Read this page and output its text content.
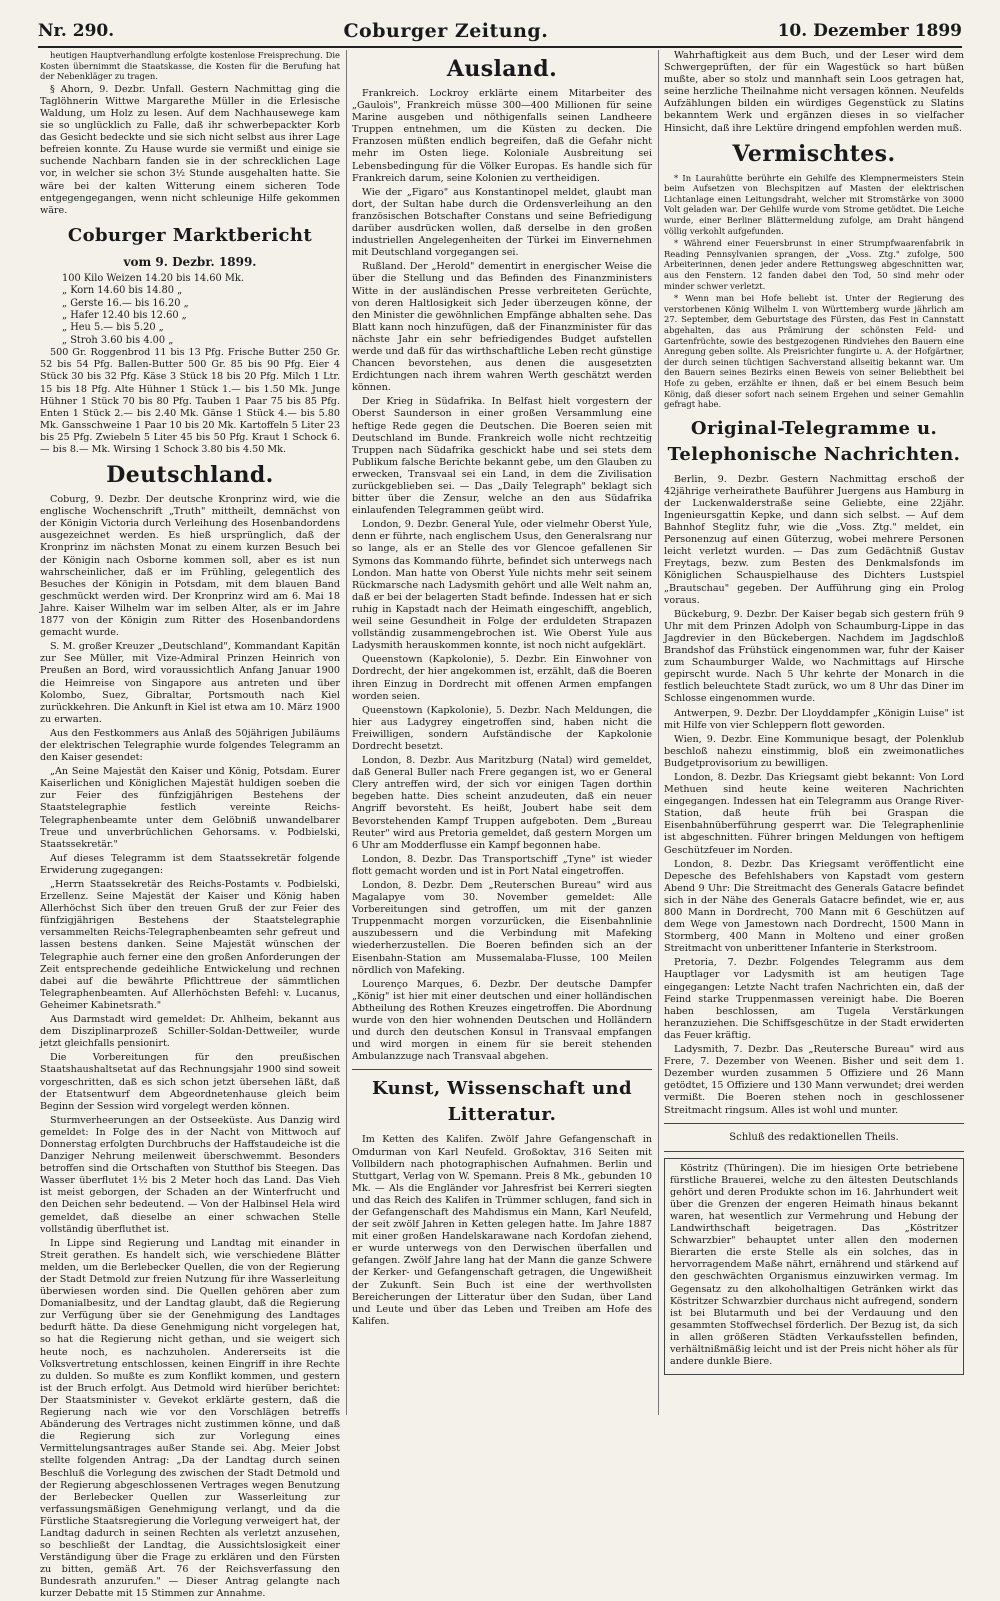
Nr. 290.	Coburger Zeitung.	10. Dezember 1899

heutigen Hauptverhandlung erfolgte kostenlose Freisprechung. Die Kosten übernimmt die Staatskasse, die Kosten für die Berufung hat der Nebenkläger zu tragen.

§ Ahorn, 9. Dezbr. Unfall. Gestern Nachmittag ging die Taglöhnerin Wittwe Margarethe Müller in die Erlesische Waldung, um Holz zu lesen. Auf dem Nachhausewege kam sie so unglücklich zu Falle, daß ihr schwerbepackter Korb das Gesicht bedeckte und sie sich nicht selbst aus ihrer Lage befreien konnte. Zu Hause wurde sie vermißt und einige sie suchende Nachbarn fanden sie in der schrecklichen Lage vor, in welcher sie schon 3½ Stunde ausgehalten hatte. Sie wäre bei der kalten Witterung einem sicheren Tode entgegengegangen, wenn nicht schleunige Hilfe gekommen wäre.

Coburger Marktbericht
vom 9. Dezbr. 1899.
100 Kilo Weizen 14.20 bis 14.60 Mk.
„ Korn 14.60 bis 14.80 „
„ Gerste 16.— bis 16.20 „
„ Hafer 12.40 bis 12.60 „
„ Heu 5.— bis 5.20 „
„ Stroh 3.60 bis 4.00 „

500 Gr. Roggenbrod 11 bis 13 Pfg. Frische Butter 250 Gr. 52 bis 54 Pfg. Ballen-Butter 500 Gr. 85 bis 90 Pfg. Eier 4 Stück 30 bis 32 Pfg. Käse 3 Stück 18 bis 20 Pfg. Milch 1 Ltr. 15 bis 18 Pfg. Alte Hühner 1 Stück 1.— bis 1.50 Mk. Junge Hühner 1 Stück 70 bis 80 Pfg. Tauben 1 Paar 75 bis 85 Pfg. Enten 1 Stück 2.— bis 2.40 Mk. Gänse 1 Stück 4.— bis 5.80 Mk. Gansschweine 1 Paar 10 bis 20 Mk. Kartoffeln 5 Liter 23 bis 25 Pfg. Zwiebeln 5 Liter 45 bis 50 Pfg. Kraut 1 Schock 6.— bis 8.— Mk. Wirsing 1 Schock 3.80 bis 4.50 Mk.

Deutschland.

Coburg, 9. Dezbr. Der deutsche Kronprinz wird, wie die englische Wochenschrift „Truth" mittheilt, demnächst von der Königin Victoria durch Verleihung des Hosenbandordens ausgezeichnet werden. Es hieß ursprünglich, daß der Kronprinz im nächsten Monat zu einem kurzen Besuch bei der Königin nach Osborne kommen soll, aber es ist nun wahrscheinlicher, daß er im Frühling, gelegentlich des Besuches der Königin in Potsdam, mit dem blauen Band geschmückt werden wird. Der Kronprinz wird am 6. Mai 18 Jahre. Kaiser Wilhelm war im selben Alter, als er im Jahre 1877 von der Königin zum Ritter des Hosenbandordens gemacht wurde.

S. M. großer Kreuzer „Deutschland", Kommandant Kapitän zur See Müller, mit Vize-Admiral Prinzen Heinrich von Preußen an Bord, wird voraussichtlich Anfang Januar 1900 die Heimreise von Singapore aus antreten und über Kolombo, Suez, Gibraltar, Portsmouth nach Kiel zurückkehren. Die Ankunft in Kiel ist etwa am 10. März 1900 zu erwarten.

Aus den Festkommers aus Anlaß des 50jährigen Jubiläums der elektrischen Telegraphie wurde folgendes Telegramm an den Kaiser gesendet:

„An Seine Majestät den Kaiser und König, Potsdam. Eurer Kaiserlichen und Königlichen Majestät huldigen soeben die zur Feier des fünfzigjährigen Bestehens der Staatstelegraphie festlich vereinte Reichs-Telegraphenbeamte unter dem Gelöbniß unwandelbarer Treue und unverbrüchlichen Gehorsams. v. Podbielski, Staatssekretär."

Auf dieses Telegramm ist dem Staatssekretär folgende Erwiderung zugegangen:

„Herrn Staatssekretär des Reichs-Postamts v. Podbielski, Erzellenz. Seine Majestät der Kaiser und König haben Allerhöchst Sich über den treuen Gruß der zur Feier des fünfzigjährigen Bestehens der Staatstelegraphie versammelten Reichs-Telegraphenbeamten sehr gefreut und lassen bestens danken. Seine Majestät wünschen der Telegraphie auch ferner eine den großen Anforderungen der Zeit entsprechende gedeihliche Entwickelung und rechnen dabei auf die bewährte Pflichttreue der sämmtlichen Telegraphenbeamten. Auf Allerhöchsten Befehl: v. Lucanus, Geheimer Kabinetsrath."

Aus Darmstadt wird gemeldet: Dr. Ahlheim, bekannt aus dem Disziplinarprozeß Schiller-Soldan-Dettweiler, wurde jetzt gleichfalls pensionirt.

Die Vorbereitungen für den preußischen Staatshaushaltsetat auf das Rechnungsjahr 1900 sind soweit vorgeschritten, daß es sich schon jetzt übersehen läßt, daß der Etatsentwurf dem Abgeordnetenhause gleich beim Beginn der Session wird vorgelegt werden können.

Sturmverheerungen an der Ostseeküste. Aus Danzig wird gemeldet: In Folge des in der Nacht von Mittwoch auf Donnerstag erfolgten Durchbruchs der Haffstaudeiche ist die Danziger Nehrung meilenweit überschwemmt. Besonders betroffen sind die Ortschaften von Stutthof bis Steegen. Das Wasser überflutet 1½ bis 2 Meter hoch das Land. Das Vieh ist meist geborgen, der Schaden an der Winterfrucht und den Deichen sehr bedeutend. — Von der Halbinsel Hela wird gemeldet, daß dieselbe an einer schwachen Stelle vollständig überfluthet ist.

In Lippe sind Regierung und Landtag mit einander in Streit gerathen. Es handelt sich, wie verschiedene Blätter melden, um die Berlebecker Quellen, die von der Regierung der Stadt Detmold zur freien Nutzung für ihre Wasserleitung überwiesen worden sind. Die Quellen gehören aber zum Domanialbesitz, und der Landtag glaubt, daß die Regierung zur Verfügung über sie der Genehmigung des Landtages bedurft hätte. Da diese Genehmigung nicht vorgelegen hat, so hat die Regierung nicht gethan, und sie weigert sich heute noch, es nachzuholen. Andererseits ist die Volksvertretung entschlossen, keinen Eingriff in ihre Rechte zu dulden. So mußte es zum Konflikt kommen, und gestern ist der Bruch erfolgt. Aus Detmold wird hierüber berichtet: Der Staatsminister v. Gevekot erklärte gestern, daß die Regierung nach wie vor den Vorschlägen betreffs Abänderung des Vertrages nicht zustimmen könne, und daß die Regierung sich zur Vorlegung eines Vermittelungsantrages außer Stande sei. Abg. Meier Jobst stellte folgenden Antrag: „Da der Landtag durch seinen Beschluß die Vorlegung des zwischen der Stadt Detmold und der Regierung abgeschlossenen Vertrages wegen Benutzung der Berlebecker Quellen zur Wasserleitung zur verfassungsmäßigen Genehmigung verlangt, und da die Fürstliche Staatsregierung die Vorlegung verweigert hat, der Landtag dadurch in seinen Rechten als verletzt anzusehen, so beschließt der Landtag, die Aussichtslosigkeit einer Verständigung über die Frage zu erklären und den Fürsten zu bitten, gemäß Art. 76 der Reichsverfassung den Bundesrath anzurufen." — Dieser Antrag gelangte nach kurzer Debatte mit 15 Stimmen zur Annahme.

Ausland.

Frankreich. Lockroy erklärte einem Mitarbeiter des „Gaulois", Frankreich müsse 300—400 Millionen für seine Marine ausgeben und nöthigenfalls seinen Landheere Truppen entnehmen, um die Küsten zu decken. Die Franzosen müßten endlich begreifen, daß die Gefahr nicht mehr im Osten liege. Koloniale Ausbreitung sei Lebensbedingung für die Völker Europas. Es handle sich für Frankreich darum, seine Kolonien zu vertheidigen.

Wie der „Figaro" aus Konstantinopel meldet, glaubt man dort, der Sultan habe durch die Ordensverleihung an den französischen Botschafter Constans und seine Befriedigung darüber ausdrücken wollen, daß derselbe in den großen industriellen Angelegenheiten der Türkei im Einvernehmen mit Deutschland vorgegangen sei.

Rußland. Der „Herold" dementirt in energischer Weise die über die Stellung und das Befinden des Finanzministers Witte in der ausländischen Presse verbreiteten Gerüchte, von deren Haltlosigkeit sich Jeder überzeugen könne, der den Minister die gewöhnlichen Empfänge abhalten sehe. Das Blatt kann noch hinzufügen, daß der Finanzminister für das nächste Jahr ein sehr befriedigendes Budget aufstellen werde und daß für das wirthschaftliche Leben recht günstige Chancen bevorstehen, aus denen die ausgesetzten Erdichtungen nach ihrem wahren Werth geschätzt werden können.

Der Krieg in Südafrika. In Belfast hielt vorgestern der Oberst Saunderson in einer großen Versammlung eine heftige Rede gegen die Deutschen. Die Boeren seien mit Deutschland im Bunde. Frankreich wolle nicht rechtzeitig Truppen nach Südafrika geschickt habe und sei stets dem Publikum falsche Berichte bekannt gebe, um den Glauben zu erwecken, Transvaal sei ein Land, in dem die Zivilisation zurückgeblieben sei. — Das „Daily Telegraph" beklagt sich bitter über die Zensur, welche an den aus Südafrika einlaufenden Telegrammen geübt wird.

London, 9. Dezbr. General Yule, oder vielmehr Oberst Yule, denn er führte, nach englischem Usus, den Generalsrang nur so lange, als er an Stelle des vor Glencoe gefallenen Sir Symons das Kommando führte, befindet sich unterwegs nach London. Man hatte von Oberst Yule nichts mehr seit seinem Rückmarsche nach Ladysmith gehört und alle Welt nahm an, daß er bei der belagerten Stadt befinde. Indessen hat er sich ruhig in Kapstadt nach der Heimath eingeschifft, angeblich, weil seine Gesundheit in Folge der erduldeten Strapazen vollständig zusammengebrochen ist. Wie Oberst Yule aus Ladysmith herauskommen konnte, ist noch nicht aufgeklärt.

Queenstown (Kapkolonie), 5. Dezbr. Ein Einwohner von Dordrecht, der hier angekommen ist, erzählt, daß die Boeren ihren Einzug in Dordrecht mit offenen Armen empfangen worden seien.

Queenstown (Kapkolonie), 5. Dezbr. Nach Meldungen, die hier aus Ladygrey eingetroffen sind, haben nicht die Freiwilligen, sondern Aufständische der Kapkolonie Dordrecht besetzt.

London, 8. Dezbr. Aus Maritzburg (Natal) wird gemeldet, daß General Buller nach Frere gegangen ist, wo er General Clery antreffen wird, der sich vor einigen Tagen dorthin begeben hatte. Dies scheint anzudeuten, daß ein neuer Angriff bevorsteht. Es heißt, Joubert habe seit dem Bevorstehenden Kampf Truppen aufgeboten. Dem „Bureau Reuter" wird aus Pretoria gemeldet, daß gestern Morgen um 6 Uhr am Modderflusse ein Kampf begonnen habe.

London, 8. Dezbr. Das Transportschiff „Tyne" ist wieder flott gemacht worden und ist in Port Natal eingetroffen.

London, 8. Dezbr. Dem „Reuterschen Bureau" wird aus Magalapye vom 30. November gemeldet: Alle Vorbereitungen sind getroffen, um mit der ganzen Truppenmacht morgen vorzurücken, die Eisenbahnlinie auszubessern und die Verbindung mit Mafeking wiederherzustellen. Die Boeren befinden sich an der Eisenbahn-Station am Mussemalaba-Flusse, 100 Meilen nördlich von Mafeking.

Lourenço Marques, 6. Dezbr. Der deutsche Dampfer „König" ist hier mit einer deutschen und einer holländischen Abtheilung des Rothen Kreuzes eingetroffen. Die Abordnung wurde von den hier wohnenden Deutschen und Holländern und durch den deutschen Konsul in Transvaal empfangen und wird morgen in einem für sie bereit stehenden Ambulanzzuge nach Transvaal abgehen.

Kunst, Wissenschaft und Litteratur.

Im Ketten des Kalifen. Zwölf Jahre Gefangenschaft in Omdurman von Karl Neufeld. Großoktav, 316 Seiten mit Vollbildern nach photographischen Aufnahmen. Berlin und Stuttgart, Verlag von W. Spemann. Preis 8 Mk., gebunden 10 Mk. — Als die Engländer vor Jahresfrist bei Kerreri siegten und das Reich des Kalifen in Trümmer schlugen, fand sich in der Gefangenschaft des Mahdismus ein Mann, Karl Neufeld, der seit zwölf Jahren in Ketten gelegen hatte. Im Jahre 1887 mit einer großen Handelskarawane nach Kordofan ziehend, er wurde unterwegs von den Derwischen überfallen und gefangen. Zwölf Jahre lang hat der Mann die ganze Schwere der Kerker- und Gefangenschaft getragen, die Ungewißheit der Zukunft. Sein Buch ist eine der werthvollsten Bereicherungen der Litteratur über den Sudan, über Land und Leute und über das Leben und Treiben am Hofe des Kalifen.

Wahrhaftigkeit aus dem Buch, und der Leser wird dem Schwergeprüften, der für ein Wagestück so hart büßen mußte, aber so stolz und mannhaft sein Loos getragen hat, seine herzliche Theilnahme nicht versagen können. Neufelds Aufzählungen bilden ein würdiges Gegenstück zu Slatins bekanntem Werk und ergänzen dieses in so vielfacher Hinsicht, daß ihre Lektüre dringend empfohlen werden muß.

Vermischtes.

* In Laurahütte berührte ein Gehilfe des Klempnermeisters Stein beim Aufsetzen von Blechspitzen auf Masten der elektrischen Lichtanlage einen Leitungsdraht, welcher mit Stromstärke von 3000 Volt geladen war. Der Gehilfe wurde vom Strome getödtet. Die Leiche wurde, einer Berliner Blättermeldung zufolge, am Draht hängend völlig verkohlt aufgefunden.

* Während einer Feuersbrunst in einer Strumpfwaarenfabrik in Reading Pennsylvanien sprangen, der „Voss. Ztg." zufolge, 500 Arbeiterinnen, denen jeder andere Rettungsweg abgeschnitten war, aus den Fenstern. 12 fanden dabei den Tod, 50 sind mehr oder minder schwer verletzt.

* Wenn man bei Hofe beliebt ist. Unter der Regierung des verstorbenen König Wilhelm I. von Württemberg wurde jährlich am 27. September, dem Geburtstage des Fürsten, das Fest in Cannstatt abgehalten, das aus Prämirung der schönsten Feld- und Gartenfrüchte, sowie des bestgezogenen Rindviehes den Bauern eine Anregung geben sollte. Als Preisrichter fungirte u. A. der Hofgärtner, der durch seinen tüchtigen Sachverstand allseitig bekannt war. Um den Bauern seines Bezirks einen Beweis von seiner Beliebtheit bei Hofe zu geben, erzählte er ihnen, daß er bei einem Besuch beim König, daß dieser sofort nach seinem Ergehen und seiner Gemahlin gefragt habe.

Original-Telegramme u. Telephonische Nachrichten.

Berlin, 9. Dezbr. Gestern Nachmittag erschoß der 42jährige verheirathete Bauführer Juergens aus Hamburg in der Luckenwalderstraße seine Geliebte, eine 22jähr. Ingenieursgattin Kepke, und dann sich selbst. — Auf dem Bahnhof Steglitz fuhr, wie die „Voss. Ztg." meldet, ein Personenzug auf einen Güterzug, wobei mehrere Personen leicht verletzt wurden. — Das zum Gedächtniß Gustav Freytags, bezw. zum Besten des Denkmalsfonds im Königlichen Schauspielhause des Dichters Lustspiel „Brautschau" gegeben. Der Aufführung ging ein Prolog voraus.

Bückeburg, 9. Dezbr. Der Kaiser begab sich gestern früh 9 Uhr mit dem Prinzen Adolph von Schaumburg-Lippe in das Jagdrevier in den Bückebergen. Nachdem im Jagdschloß Brandshof das Frühstück eingenommen war, fuhr der Kaiser zum Schaumburger Walde, wo Nachmittags auf Hirsche gepirscht wurde. Nach 5 Uhr kehrte der Monarch in die festlich beleuchtete Stadt zurück, wo um 8 Uhr das Diner im Schlosse eingenommen wurde.

Antwerpen, 9. Dezbr. Der Lloyddampfer „Königin Luise" ist mit Hilfe von vier Schleppern flott geworden.

Wien, 9. Dezbr. Eine Kommunique besagt, der Polenklub beschloß nahezu einstimmig, bloß ein zweimonatliches Budgetprovisorium zu bewilligen.

London, 8. Dezbr. Das Kriegsamt giebt bekannt: Von Lord Methuen sind heute keine weiteren Nachrichten eingegangen. Indessen hat ein Telegramm aus Orange River-Station, daß heute früh bei Graspan die Eisenbahnüberführung gesperrt war. Die Telegraphenlinie ist abgeschnitten. Führer bringen Meldungen von heftigem Geschützfeuer im Norden.

London, 8. Dezbr. Das Kriegsamt veröffentlicht eine Depesche des Befehlshabers von Kapstadt vom gestern Abend 9 Uhr: Die Streitmacht des Generals Gatacre befindet sich in der Nähe des Generals Gatacre befindet, wie er, aus 800 Mann in Dordrecht, 700 Mann mit 6 Geschützen auf dem Wege von Jamestown nach Dordrecht, 1500 Mann in Stormberg, 400 Mann in Molteno und einer großen Streitmacht von unberittener Infanterie in Sterkstroom.

Pretoria, 7. Dezbr. Folgendes Telegramm aus dem Hauptlager vor Ladysmith ist am heutigen Tage eingegangen: Letzte Nacht trafen Nachrichten ein, daß der Feind starke Truppenmassen vereinigt habe. Die Boeren haben beschlossen, am Tugela Verstärkungen heranzuziehen. Die Schiffsgeschütze in der Stadt erwiderten das Feuer kräftig.

Ladysmith, 7. Dezbr. Das „Reutersche Bureau" wird aus Frere, 7. Dezember von Weenen. Bisher und seit dem 1. Dezember wurden zusammen 5 Offiziere und 26 Mann getödtet, 15 Offiziere und 130 Mann verwundet; drei werden vermißt. Die Boeren stehen noch in geschlossener Streitmacht ringsum. Alles ist wohl und munter.

Schluß des redaktionellen Theils.

Köstritz (Thüringen). Die im hiesigen Orte betriebene fürstliche Brauerei, welche zu den ältesten Deutschlands gehört und deren Produkte schon im 16. Jahrhundert weit über die Grenzen der engeren Heimath hinaus bekannt waren, hat wesentlich zur Vermehrung und Hebung der Landwirthschaft beigetragen. Das „Köstritzer Schwarzbier" behauptet unter allen den modernen Bierarten die erste Stelle als ein solches, das in hervorragendem Maße nährt, ernährend und stärkend auf den geschwächten Organismus einzuwirken vermag. Im Gegensatz zu den alkoholhaltigen Getränken wirkt das Köstritzer Schwarzbier durchaus nicht aufregend, sondern ist bei Blutarmuth und bei der Verdauung und den gesammten Stoffwechsel förderlich. Der Bezug ist, da sich in allen größeren Städten Verkaufsstellen befinden, verhältnißmäßig leicht und ist der Preis nicht höher als für andere dunkle Biere.
